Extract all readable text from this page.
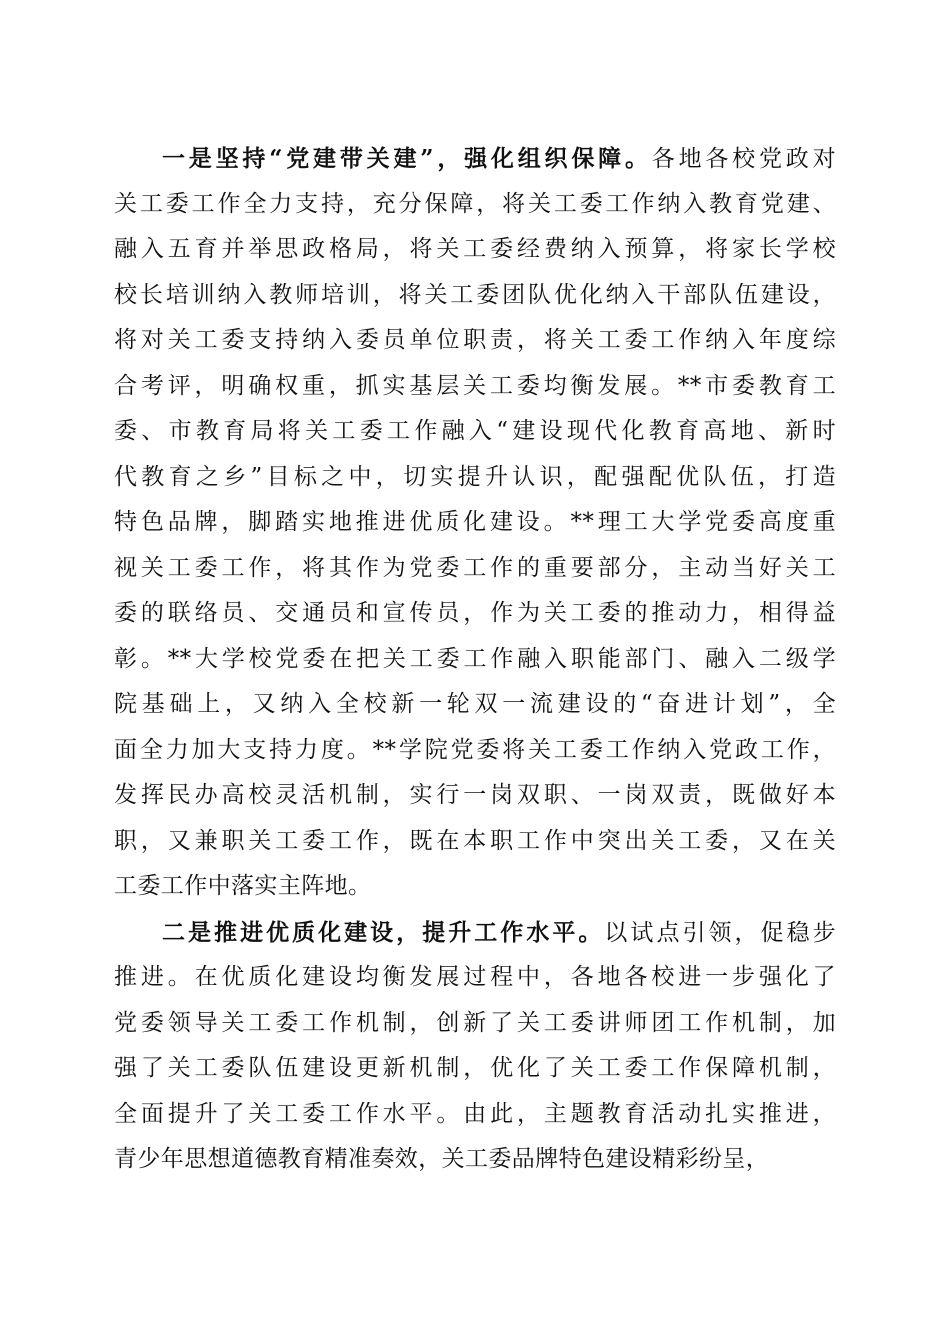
一是坚持“党建带关建”，强化组织保障。各地各校党政对
关工委工作全力支持，充分保障，将关工委工作纳入教育党建、
融入五育并举思政格局，将关工委经费纳入预算，将家长学校
校长培训纳入教师培训，将关工委团队优化纳入干部队伍建设，
将对关工委支持纳入委员单位职责，将关工委工作纳入年度综
合考评，明确权重，抓实基层关工委均衡发展。**市委教育工
委、市教育局将关工委工作融入“建设现代化教育高地、新时
代教育之乡”目标之中，切实提升认识，配强配优队伍，打造
特色品牌，脚踏实地推进优质化建设。**理工大学党委高度重
视关工委工作，将其作为党委工作的重要部分，主动当好关工
委的联络员、交通员和宣传员，作为关工委的推动力，相得益
彰。**大学校党委在把关工委工作融入职能部门、融入二级学
院基础上，又纳入全校新一轮双一流建设的“奋进计划”，全
面全力加大支持力度。**学院党委将关工委工作纳入党政工作，
发挥民办高校灵活机制，实行一岗双职、一岗双责，既做好本
职，又兼职关工委工作，既在本职工作中突出关工委，又在关
工委工作中落实主阵地。
二是推进优质化建设，提升工作水平。以试点引领，促稳步
推进。在优质化建设均衡发展过程中，各地各校进一步强化了
党委领导关工委工作机制，创新了关工委讲师团工作机制，加
强了关工委队伍建设更新机制，优化了关工委工作保障机制，
全面提升了关工委工作水平。由此，主题教育活动扎实推进，
青少年思想道德教育精准奏效，关工委品牌特色建设精彩纷呈，
